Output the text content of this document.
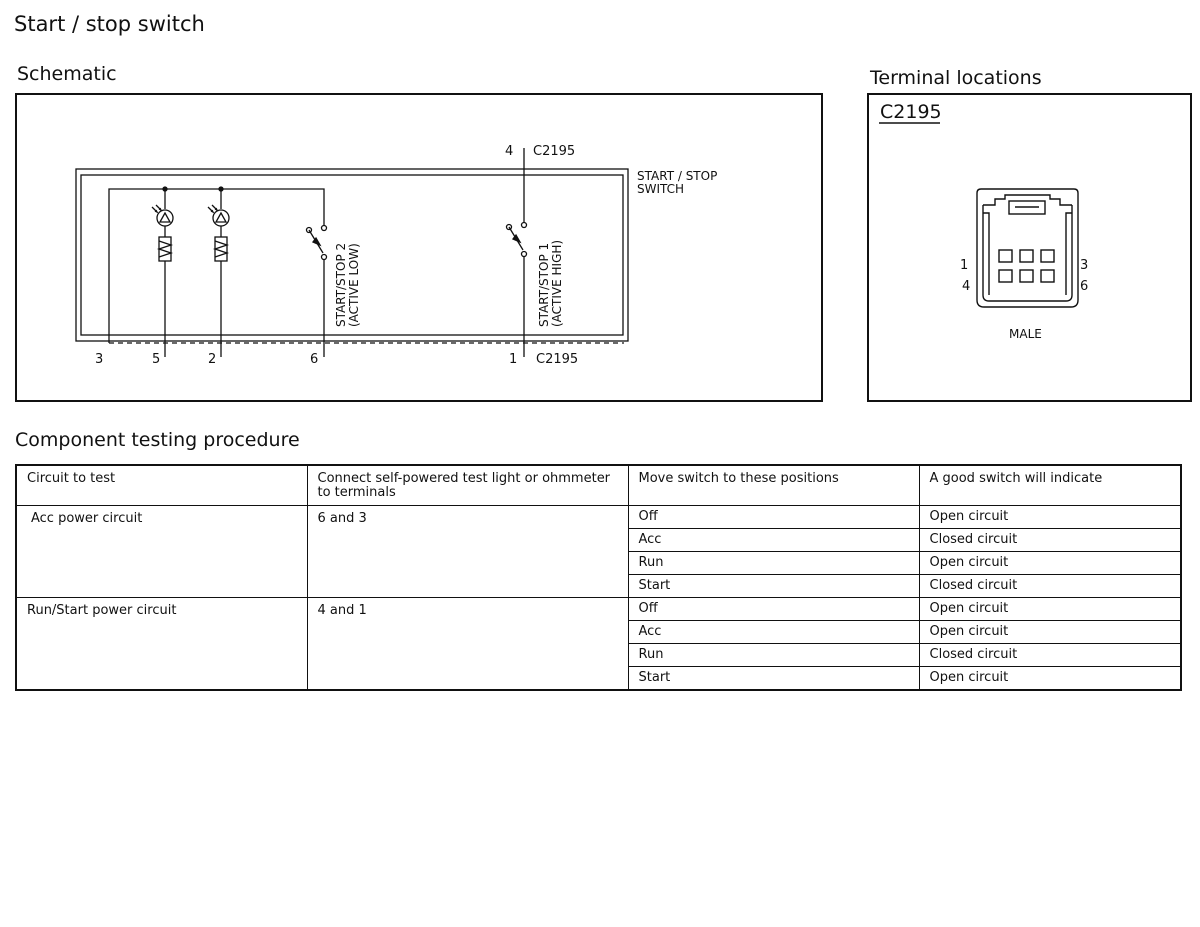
Start / stop switch
Schematic	Terminal locations
Component testing procedure
4 C2195
START / STOP
SWITCH
START/STOP 2 (ACTIVE LOW)	START/STOP 1 (ACTIVE HIGH)
3	5	2	6	1 C2195
C2195
1
4
3
6
MALE
Circuit to test	Connect self-powered test light or ohmmeter to terminals	Move switch to these positions	A good switch will indicate
Acc power circuit	6 and 3	Off	Open circuit
		Acc	Closed circuit
		Run	Open circuit
		Start	Closed circuit
Run/Start power circuit	4 and 1	Off	Open circuit
		Acc	Open circuit
		Run	Closed circuit
		Start	Open circuit
